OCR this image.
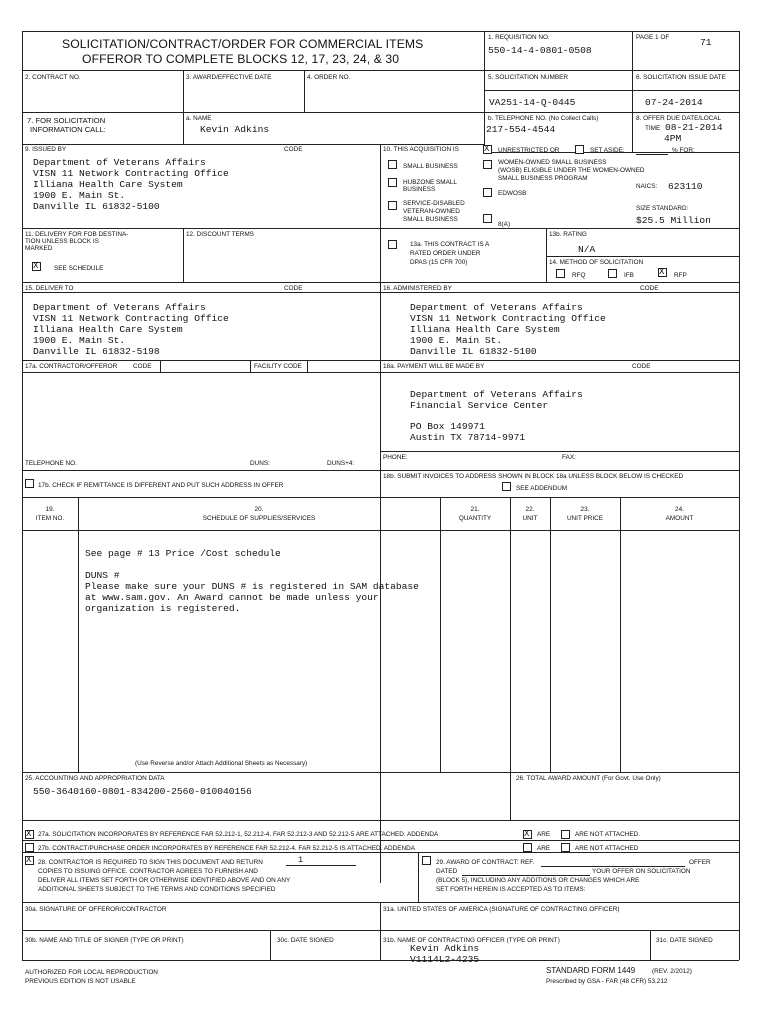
SOLICITATION/CONTRACT/ORDER FOR COMMERCIAL ITEMS
OFFEROR TO COMPLETE BLOCKS 12, 17, 23, 24, & 30
1. REQUISITION NO.
550-14-4-0801-0508
PAGE 1 OF	71
2. CONTRACT NO.	3. AWARD/EFFECTIVE DATE	4. ORDER NO.	5. SOLICITATION NUMBER
VA251-14-Q-0445
6. SOLICITATION ISSUE DATE
07-24-2014
7. FOR SOLICITATION
INFORMATION CALL:
a. NAME
Kevin Adkins
b. TELEPHONE NO. (No Collect Calls)
217-554-4544
8. OFFER DUE DATE/LOCAL
TIME 08-21-2014
4PM
9. ISSUED BY	CODE
Department of Veterans Affairs
VISN 11 Network Contracting Office
Illiana Health Care System
1900 E. Main St.
Danville IL 61832-5100
10. THIS ACQUISITION IS	X UNRESTRICTED OR	SET ASIDE:	% FOR:
SMALL BUSINESS
HUBZONE SMALL
BUSINESS
SERVICE-DISABLED
VETERAN-OWNED
SMALL BUSINESS
WOMEN-OWNED SMALL BUSINESS
(WOSB) ELIGIBLE UNDER THE WOMEN-OWNED
SMALL BUSINESS PROGRAM
EDWOSB
8(A)
NAICS: 623110
SIZE STANDARD:
$25.5 Million
11. DELIVERY FOR FOB DESTINA-
TION UNLESS BLOCK IS
MARKED
X SEE SCHEDULE
12. DISCOUNT TERMS
13a. THIS CONTRACT IS A
RATED ORDER UNDER
DPAS (15 CFR 700)
13b. RATING
N/A
14. METHOD OF SOLICITATION
RFQ	IFB	X RFP
15. DELIVER TO	CODE
Department of Veterans Affairs
VISN 11 Network Contracting Office
Illiana Health Care System
1900 E. Main St.
Danville IL 61832-5198
16. ADMINISTERED BY	CODE
Department of Veterans Affairs
VISN 11 Network Contracting Office
Illiana Health Care System
1900 E. Main St.
Danville IL 61832-5100
17a. CONTRACTOR/OFFEROR CODE	FACILITY CODE
TELEPHONE NO.	DUNS:	DUNS+4:
17b. CHECK IF REMITTANCE IS DIFFERENT AND PUT SUCH ADDRESS IN OFFER
18a. PAYMENT WILL BE MADE BY	CODE
Department of Veterans Affairs
Financial Service Center
PO Box 149971
Austin TX 78714-9971
PHONE:	FAX:
18b. SUBMIT INVOICES TO ADDRESS SHOWN IN BLOCK 18a UNLESS BLOCK BELOW IS CHECKED
SEE ADDENDUM
19.
ITEM NO.
20.
SCHEDULE OF SUPPLIES/SERVICES
21.
QUANTITY
22.
UNIT
23.
UNIT PRICE
24.
AMOUNT
See page # 13 Price /Cost schedule
DUNS #
Please make sure your DUNS # is registered in SAM database
at www.sam.gov. An Award cannot be made unless your
organization is registered.
(Use Reverse and/or Attach Additional Sheets as Necessary)
25. ACCOUNTING AND APPROPRIATION DATA
550-3640160-0801-834200-2560-010040156
26. TOTAL AWARD AMOUNT (For Govt. Use Only)
X 27a. SOLICITATION INCORPORATES BY REFERENCE FAR 52.212-1, 52.212-4. FAR 52.212-3 AND 52.212-5 ARE ATTACHED. ADDENDA	X ARE	ARE NOT ATTACHED.
27b. CONTRACT/PURCHASE ORDER INCORPORATES BY REFERENCE FAR 52.212-4. FAR 52.212-5 IS ATTACHED. ADDENDA	ARE	ARE NOT ATTACHED
X 28. CONTRACTOR IS REQUIRED TO SIGN THIS DOCUMENT AND RETURN	1
COPIES TO ISSUING OFFICE. CONTRACTOR AGREES TO FURNISH AND
DELIVER ALL ITEMS SET FORTH OR OTHERWISE IDENTIFIED ABOVE AND ON ANY
ADDITIONAL SHEETS SUBJECT TO THE TERMS AND CONDITIONS SPECIFIED
29. AWARD OF CONTRACT: REF.	OFFER
DATED	YOUR OFFER ON SOLICITATION
(BLOCK 5), INCLUDING ANY ADDITIONS OR CHANGES WHICH ARE
SET FORTH HEREIN IS ACCEPTED AS TO ITEMS:
30a. SIGNATURE OF OFFEROR/CONTRACTOR	31a. UNITED STATES OF AMERICA (SIGNATURE OF CONTRACTING OFFICER)
30b. NAME AND TITLE OF SIGNER (TYPE OR PRINT)	30c. DATE SIGNED	31b. NAME OF CONTRACTING OFFICER (TYPE OR PRINT)
Kevin Adkins
V1114L2-4235
31c. DATE SIGNED
AUTHORIZED FOR LOCAL REPRODUCTION
PREVIOUS EDITION IS NOT USABLE
STANDARD FORM 1449	(REV. 2/2012)
Prescribed by GSA - FAR (48 CFR) 53.212
